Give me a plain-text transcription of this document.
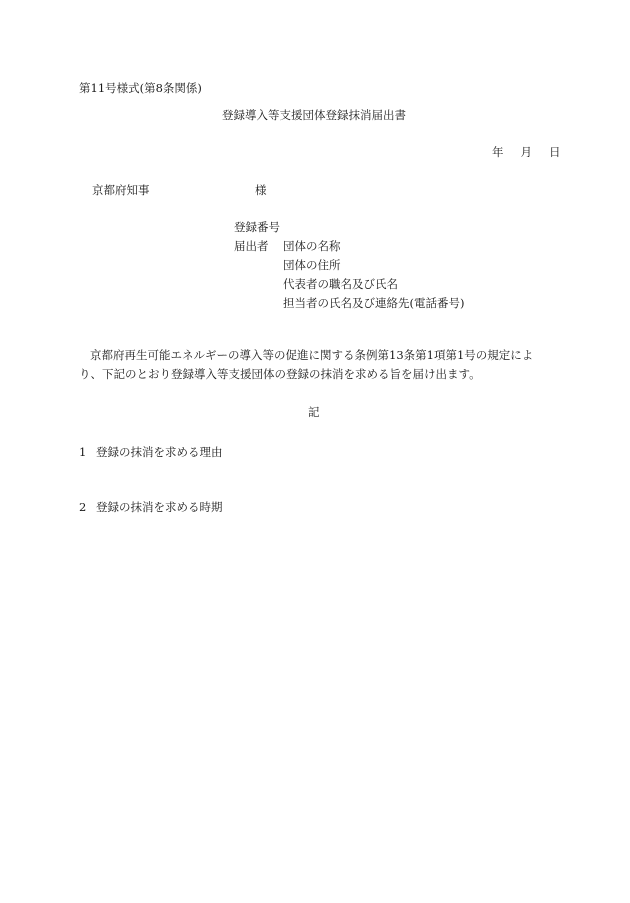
第11号様式(第8条関係)
登録導入等支援団体登録抹消届出書
年 月 日
京都府知事	様
登録番号
届出者 団体の名称
団体の住所
代表者の職名及び氏名
担当者の氏名及び連絡先(電話番号)
京都府再生可能エネルギーの導入等の促進に関する条例第13条第1項第1号の規定により、下記のとおり登録導入等支援団体の登録の抹消を求める旨を届け出ます。
記
1 登録の抹消を求める理由
2 登録の抹消を求める時期
